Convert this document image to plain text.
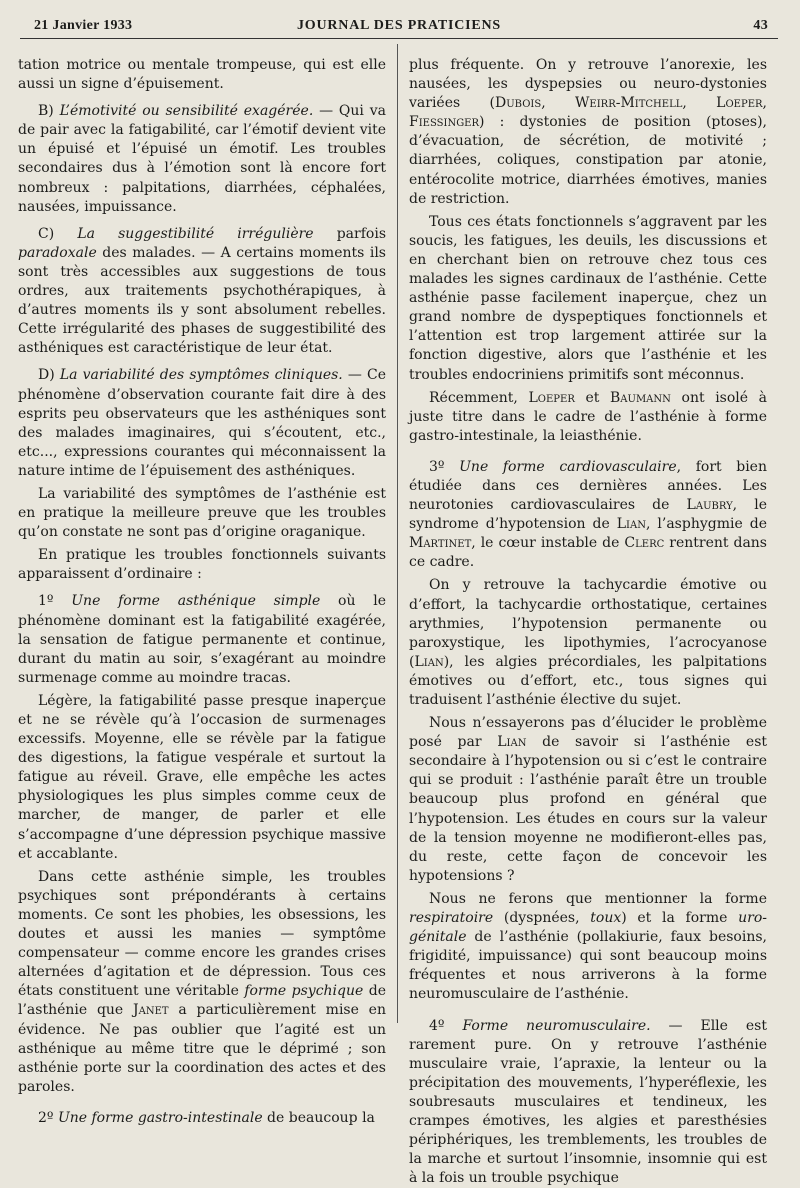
21 Janvier 1933	JOURNAL DES PRATICIENS	43

tation motrice ou mentale trompeuse, qui est elle aussi un signe d’épuisement.

B) L’émotivité ou sensibilité exagérée. — Qui va de pair avec la fatigabilité, car l’émotif devient vite un épuisé et l’épuisé un émotif. Les troubles secondaires dus à l’émotion sont là encore fort nombreux : palpitations, diarrhées, céphalées, nausées, impuissance.

C) La suggestibilité irrégulière parfois paradoxale des malades. — A certains moments ils sont très accessibles aux suggestions de tous ordres, aux traitements psychothérapiques, à d’autres moments ils y sont absolument rebelles. Cette irrégularité des phases de suggestibilité des asthéniques est caractéristique de leur état.

D) La variabilité des symptômes cliniques. — Ce phénomène d’observation courante fait dire à des esprits peu observateurs que les asthéniques sont des malades imaginaires, qui s’écoutent, etc., etc..., expressions courantes qui méconnaissent la nature intime de l’épuisement des asthéniques.

La variabilité des symptômes de l’asthénie est en pratique la meilleure preuve que les troubles qu’on constate ne sont pas d’origine oraganique.

En pratique les troubles fonctionnels suivants apparaissent d’ordinaire :

1º Une forme asthénique simple où le phénomène dominant est la fatigabilité exagérée, la sensation de fatigue permanente et continue, durant du matin au soir, s’exagérant au moindre surmenage comme au moindre tracas.

Légère, la fatigabilité passe presque inaperçue et ne se révèle qu’à l’occasion de surmenages excessifs. Moyenne, elle se révèle par la fatigue des digestions, la fatigue vespérale et surtout la fatigue au réveil. Grave, elle empêche les actes physiologiques les plus simples comme ceux de marcher, de manger, de parler et elle s’accompagne d’une dépression psychique massive et accablante.

Dans cette asthénie simple, les troubles psychiques sont prépondérants à certains moments. Ce sont les phobies, les obsessions, les doutes et aussi les manies — symptôme compensateur — comme encore les grandes crises alternées d’agitation et de dépression. Tous ces états constituent une véritable forme psychique de l’asthénie que Janet a particulièrement mise en évidence. Ne pas oublier que l’agité est un asthénique au même titre que le déprimé ; son asthénie porte sur la coordination des actes et des paroles.

2º Une forme gastro-intestinale de beaucoup la

plus fréquente. On y retrouve l’anorexie, les nausées, les dyspepsies ou neuro-dystonies variées (Dubois, Weirr-Mitchell, Loeper, Fiessinger) : dystonies de position (ptoses), d’évacuation, de sécrétion, de motivité ; diarrhées, coliques, constipation par atonie, entérocolite motrice, diarrhées émotives, manies de restriction.

Tous ces états fonctionnels s’aggravent par les soucis, les fatigues, les deuils, les discussions et en cherchant bien on retrouve chez tous ces malades les signes cardinaux de l’asthénie. Cette asthénie passe facilement inaperçue, chez un grand nombre de dyspeptiques fonctionnels et l’attention est trop largement attirée sur la fonction digestive, alors que l’asthénie et les troubles endocriniens primitifs sont méconnus.

Récemment, Loeper et Baumann ont isolé à juste titre dans le cadre de l’asthénie à forme gastro-intestinale, la leiasthénie.

3º Une forme cardiovasculaire, fort bien étudiée dans ces dernières années. Les neurotonies cardiovasculaires de Laubry, le syndrome d’hypotension de Lian, l’asphygmie de Martinet, le cœur instable de Clerc rentrent dans ce cadre.

On y retrouve la tachycardie émotive ou d’effort, la tachycardie orthostatique, certaines arythmies, l’hypotension permanente ou paroxystique, les lipothymies, l’acrocyanose (Lian), les algies précordiales, les palpitations émotives ou d’effort, etc., tous signes qui traduisent l’asthénie élective du sujet.

Nous n’essayerons pas d’élucider le problème posé par Lian de savoir si l’asthénie est secondaire à l’hypotension ou si c’est le contraire qui se produit : l’asthénie paraît être un trouble beaucoup plus profond en général que l’hypotension. Les études en cours sur la valeur de la tension moyenne ne modifieront-elles pas, du reste, cette façon de concevoir les hypotensions ?

Nous ne ferons que mentionner la forme respiratoire (dyspnées, toux) et la forme uro-génitale de l’asthénie (pollakiurie, faux besoins, frigidité, impuissance) qui sont beaucoup moins fréquentes et nous arriverons à la forme neuromusculaire de l’asthénie.

4º Forme neuromusculaire. — Elle est rarement pure. On y retrouve l’asthénie musculaire vraie, l’apraxie, la lenteur ou la précipitation des mouvements, l’hyperéflexie, les soubresauts musculaires et tendineux, les crampes émotives, les algies et paresthésies périphériques, les tremblements, les troubles de la marche et surtout l’insomnie, insomnie qui est à la fois un trouble psychique
